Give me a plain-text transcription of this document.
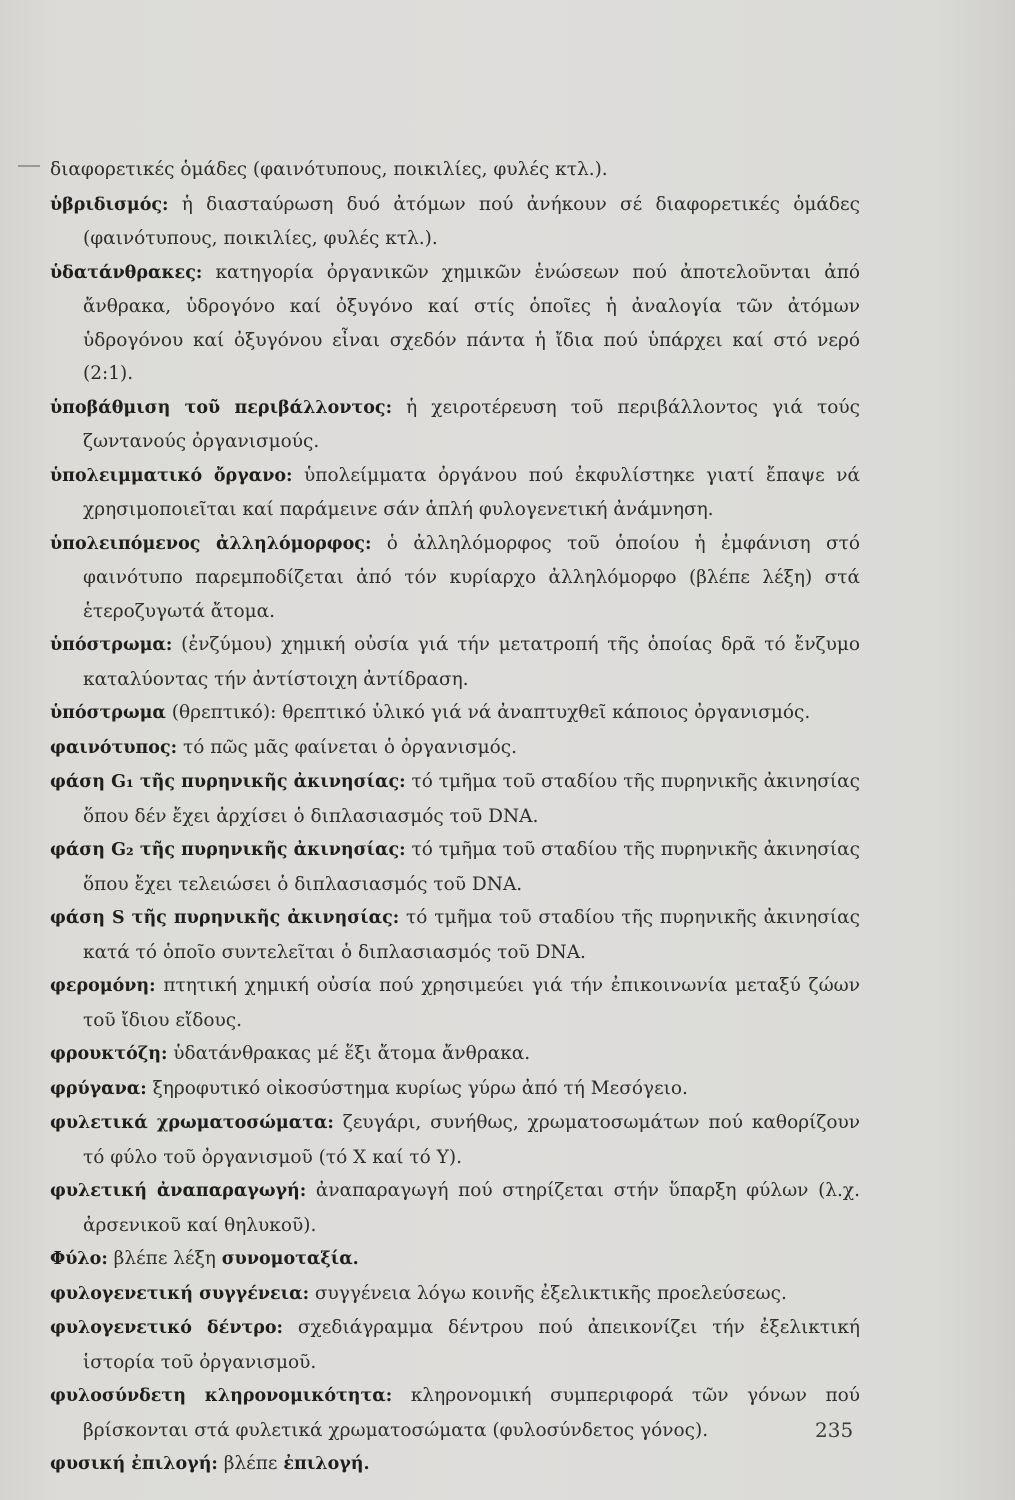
διαφορετικές ὁμάδες (φαινότυπους, ποικιλίες, φυλές κτλ.).

ὑβριδισμός: ἡ διασταύρωση δυό ἀτόμων πού ἀνήκουν σέ διαφορετικές ὁμάδες (φαινότυπους, ποικιλίες, φυλές κτλ.).

ὑδατάνθρακες: κατηγορία ὀργανικῶν χημικῶν ἑνώσεων πού ἀποτελοῦνται ἀπό ἄνθρακα, ὑδρογόνο καί ὀξυγόνο καί στίς ὁποῖες ἡ ἀναλογία τῶν ἀτόμων ὑδρογόνου καί ὀξυγόνου εἶναι σχεδόν πάντα ἡ ἴδια πού ὑπάρχει καί στό νερό (2:1).

ὑποβάθμιση τοῦ περιβάλλοντος: ἡ χειροτέρευση τοῦ περιβάλλοντος γιά τούς ζωντανούς ὀργανισμούς.

ὑπολειμματικό ὄργανο: ὑπολείμματα ὀργάνου πού ἐκφυλίστηκε γιατί ἔπαψε νά χρησιμοποιεῖται καί παράμεινε σάν ἁπλή φυλογενετική ἀνάμνηση.

ὑπολειπόμενος ἀλληλόμορφος: ὁ ἀλληλόμορφος τοῦ ὁποίου ἡ ἐμφάνιση στό φαινότυπο παρεμποδίζεται ἀπό τόν κυρίαρχο ἀλληλόμορφο (βλέπε λέξη) στά ἑτεροζυγωτά ἄτομα.

ὑπόστρωμα: (ἐνζύμου) χημική οὐσία γιά τήν μετατροπή τῆς ὁποίας δρᾶ τό ἔνζυμο καταλύοντας τήν ἀντίστοιχη ἀντίδραση.

ὑπόστρωμα (θρεπτικό): θρεπτικό ὑλικό γιά νά ἀναπτυχθεῖ κάποιος ὀργανισμός.

φαινότυπος: τό πῶς μᾶς φαίνεται ὁ ὀργανισμός.

φάση G₁ τῆς πυρηνικῆς ἀκινησίας: τό τμῆμα τοῦ σταδίου τῆς πυρηνικῆς ἀκινησίας ὅπου δέν ἔχει ἀρχίσει ὁ διπλασιασμός τοῦ DNA.

φάση G₂ τῆς πυρηνικῆς ἀκινησίας: τό τμῆμα τοῦ σταδίου τῆς πυρηνικῆς ἀκινησίας ὅπου ἔχει τελειώσει ὁ διπλασιασμός τοῦ DNA.

φάση S τῆς πυρηνικῆς ἀκινησίας: τό τμῆμα τοῦ σταδίου τῆς πυρηνικῆς ἀκινησίας κατά τό ὁποῖο συντελεῖται ὁ διπλασιασμός τοῦ DNA.

φερομόνη: πτητική χημική οὐσία πού χρησιμεύει γιά τήν ἐπικοινωνία μεταξύ ζώων τοῦ ἴδιου εἴδους.

φρουκτόζη: ὑδατάνθρακας μέ ἕξι ἄτομα ἄνθρακα.

φρύγανα: ξηροφυτικό οἰκοσύστημα κυρίως γύρω ἀπό τή Μεσόγειο.

φυλετικά χρωματοσώματα: ζευγάρι, συνήθως, χρωματοσωμάτων πού καθορίζουν τό φύλο τοῦ ὀργανισμοῦ (τό X καί τό Y).

φυλετική ἀναπαραγωγή: ἀναπαραγωγή πού στηρίζεται στήν ὕπαρξη φύλων (λ.χ. ἀρσενικοῦ καί θηλυκοῦ).

Φύλο: βλέπε λέξη συνομοταξία.

φυλογενετική συγγένεια: συγγένεια λόγω κοινῆς ἐξελικτικῆς προελεύσεως.

φυλογενετικό δέντρο: σχεδιάγραμμα δέντρου πού ἀπεικονίζει τήν ἐξελικτική ἱστορία τοῦ ὀργανισμοῦ.

φυλοσύνδετη κληρονομικότητα: κληρονομική συμπεριφορά τῶν γόνων πού βρίσκονται στά φυλετικά χρωματοσώματα (φυλοσύνδετος γόνος).

φυσική ἐπιλογή: βλέπε ἐπιλογή.

235
